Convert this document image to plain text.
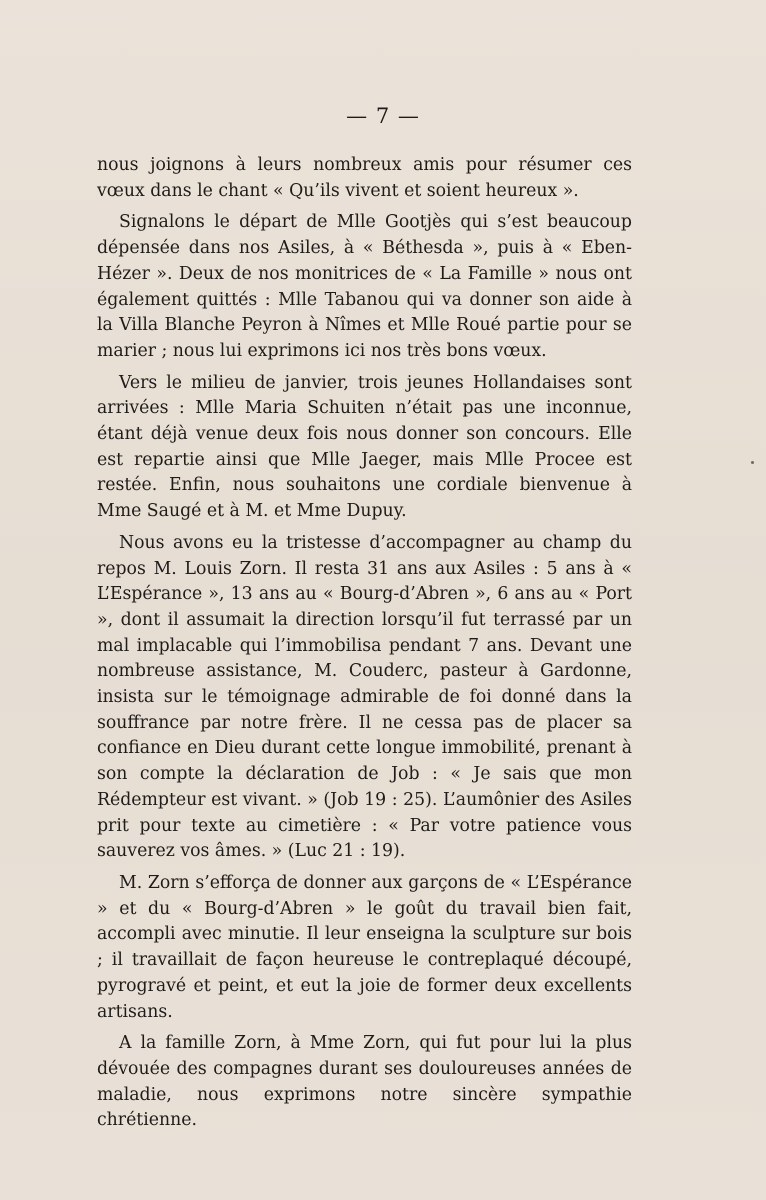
— 7 —

nous joignons à leurs nombreux amis pour résumer ces vœux dans le chant « Qu’ils vivent et soient heureux ».

Signalons le départ de Mlle Gootjès qui s’est beaucoup dépensée dans nos Asiles, à « Béthesda », puis à « Eben-Hézer ». Deux de nos monitrices de « La Famille » nous ont également quittés : Mlle Tabanou qui va donner son aide à la Villa Blanche Peyron à Nîmes et Mlle Roué partie pour se marier ; nous lui exprimons ici nos très bons vœux.

Vers le milieu de janvier, trois jeunes Hollandaises sont arrivées : Mlle Maria Schuiten n’était pas une inconnue, étant déjà venue deux fois nous donner son concours. Elle est repartie ainsi que Mlle Jaeger, mais Mlle Procee est restée. Enfin, nous souhaitons une cordiale bienvenue à Mme Saugé et à M. et Mme Dupuy.

Nous avons eu la tristesse d’accompagner au champ du repos M. Louis Zorn. Il resta 31 ans aux Asiles : 5 ans à « L’Espérance », 13 ans au « Bourg-d’Abren », 6 ans au « Port », dont il assumait la direction lorsqu’il fut terrassé par un mal implacable qui l’immobilisa pendant 7 ans. Devant une nombreuse assistance, M. Couderc, pasteur à Gardonne, insista sur le témoignage admirable de foi donné dans la souffrance par notre frère. Il ne cessa pas de placer sa confiance en Dieu durant cette longue immobilité, prenant à son compte la déclaration de Job : « Je sais que mon Rédempteur est vivant. » (Job 19 : 25). L’aumônier des Asiles prit pour texte au cimetière : « Par votre patience vous sauverez vos âmes. » (Luc 21 : 19).

M. Zorn s’efforça de donner aux garçons de « L’Espérance » et du « Bourg-d’Abren » le goût du travail bien fait, accompli avec minutie. Il leur enseigna la sculpture sur bois ; il travaillait de façon heureuse le contreplaqué découpé, pyrogravé et peint, et eut la joie de former deux excellents artisans.

A la famille Zorn, à Mme Zorn, qui fut pour lui la plus dévouée des compagnes durant ses douloureuses années de maladie, nous exprimons notre sincère sympathie chrétienne.
